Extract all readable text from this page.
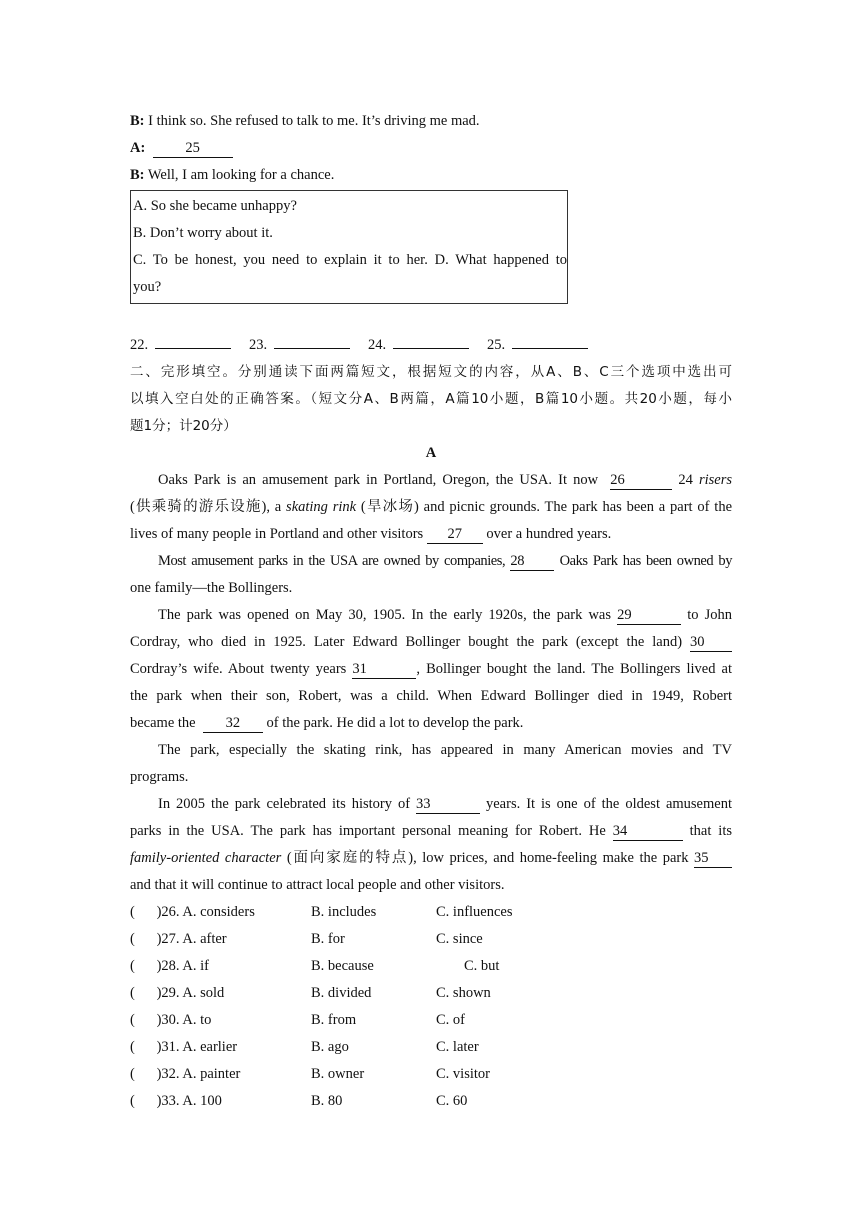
B: I think so. She refused to talk to me. It’s driving me mad.
A:	25
B: Well, I am looking for a chance.
A. So she became unhappy?
B. Don’t worry about it.
C. To be honest, you need to explain it to her. D. What happened to
you?
22.	23.	24.	25.
二、完形填空。分别通读下面两篇短文，根据短文的内容，从A、B、C三个选项中选出可
以填入空白处的正确答案。（短文分A、B两篇，A篇10小题，B篇10小题。共20小题，每小
题1分；计20分）
A
Oaks Park is an amusement park in Portland, Oregon, the USA. It now 26	24 risers
(供乘骑的游乐设施), a skating rink (旱冰场) and picnic grounds. The park has been a part of the
lives of many people in Portland and other visitors 27 over a hundred years.
Most amusement parks in the USA are owned by companies, 28 Oaks Park has been owned by
one family—the Bollingers.
The park was opened on May 30, 1905. In the early 1920s, the park was 29	to John
Cordray, who died in 1925. Later Edward Bollinger bought the park (except the land) 30
Cordray’s wife. About twenty years 31	, Bollinger bought the land. The Bollingers lived at
the park when their son, Robert, was a child. When Edward Bollinger died in 1949, Robert
became the  32 of the park. He did a lot to develop the park.
The park, especially the skating rink, has appeared in many American movies and TV
programs.
In 2005 the park celebrated its history of 33	years. It is one of the oldest amusement
parks in the USA. The park has important personal meaning for Robert. He 34	that its
family-oriented character (面向家庭的特点), low prices, and home-feeling make the park 35
and that it will continue to attract local people and other visitors.
(      )26. A. considers	B. includes	C. influences
(      )27. A. after	B. for	C. since
(      )28. A. if	B. because	C. but
(      )29. A. sold	B. divided	C. shown
(      )30. A. to	B. from	C. of
(      )31. A. earlier	B. ago	C. later
(      )32. A. painter	B. owner	C. visitor
(      )33. A. 100	B. 80	C. 60
